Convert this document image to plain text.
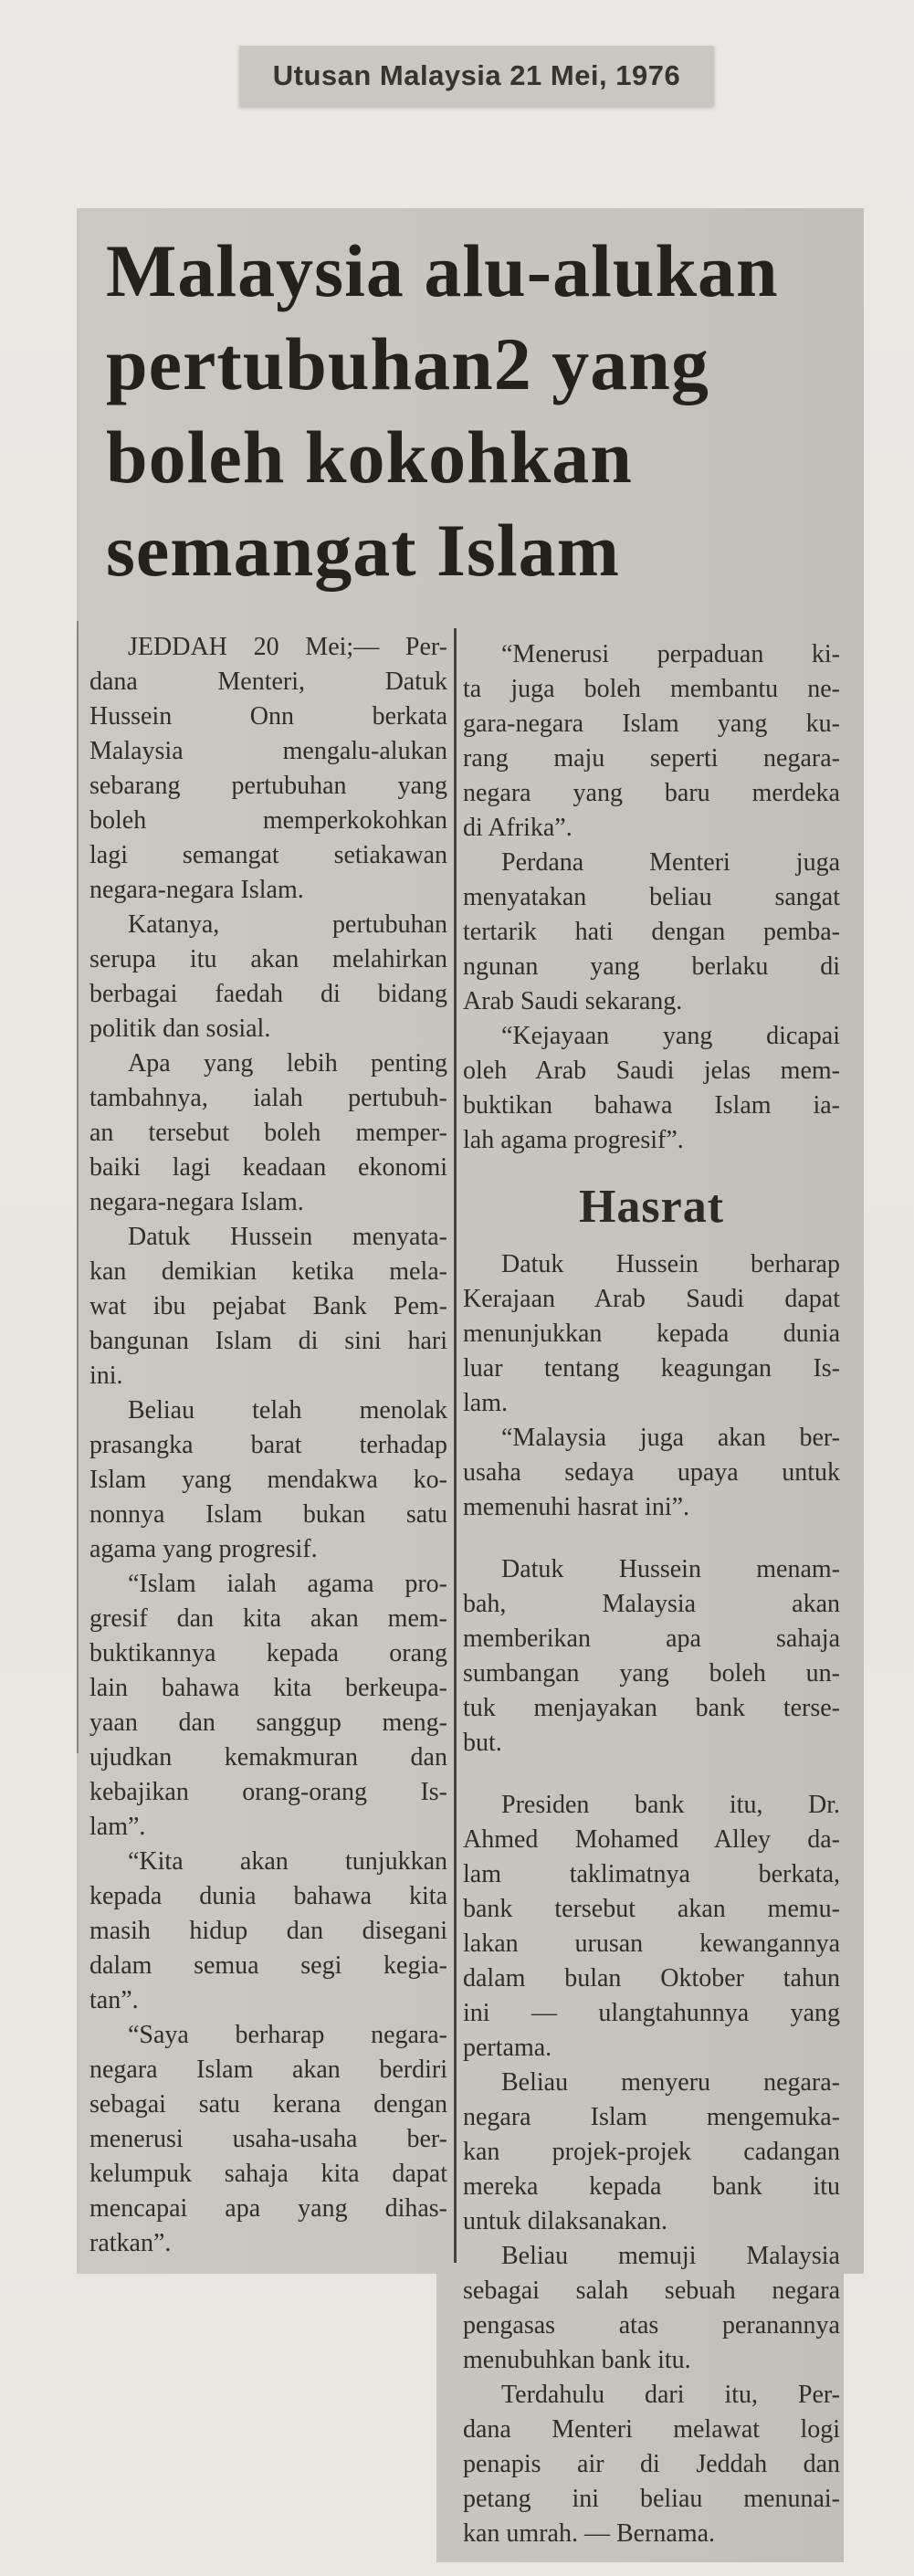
Utusan Malaysia 21 Mei, 1976
Malaysia alu-alukan
pertubuhan2 yang
boleh kokohkan
semangat Islam

JEDDAH 20 Mei;— Per-
dana Menteri, Datuk
Hussein Onn berkata
Malaysia mengalu-alukan
sebarang pertubuhan yang
boleh memperkokohkan
lagi semangat setiakawan
negara-negara Islam.

Katanya, pertubuhan
serupa itu akan melahirkan
berbagai faedah di bidang
politik dan sosial.

Apa yang lebih penting
tambahnya, ialah pertubuh-
an tersebut boleh memper-
baiki lagi keadaan ekonomi
negara-negara Islam.

Datuk Hussein menyata-
kan demikian ketika mela-
wat ibu pejabat Bank Pem-
bangunan Islam di sini hari
ini.

Beliau telah menolak
prasangka barat terhadap
Islam yang mendakwa ko-
nonnya Islam bukan satu
agama yang progresif.

“Islam ialah agama pro-
gresif dan kita akan mem-
buktikannya kepada orang
lain bahawa kita berkeupa-
yaan dan sanggup meng-
ujudkan kemakmuran dan
kebajikan orang-orang Is-
lam”.

“Kita akan tunjukkan
kepada dunia bahawa kita
masih hidup dan disegani
dalam semua segi kegia-
tan”.

“Saya berharap negara-
negara Islam akan berdiri
sebagai satu kerana dengan
menerusi usaha-usaha ber-
kelumpuk sahaja kita dapat
mencapai apa yang dihas-
ratkan”.

“Menerusi perpaduan ki-
ta juga boleh membantu ne-
gara-negara Islam yang ku-
rang maju seperti negara-
negara yang baru merdeka
di Afrika”.

Perdana Menteri juga
menyatakan beliau sangat
tertarik hati dengan pemba-
ngunan yang berlaku di
Arab Saudi sekarang.

“Kejayaan yang dicapai
oleh Arab Saudi jelas mem-
buktikan bahawa Islam ia-
lah agama progresif”.

Hasrat

Datuk Hussein berharap
Kerajaan Arab Saudi dapat
menunjukkan kepada dunia
luar tentang keagungan Is-
lam.

“Malaysia juga akan ber-
usaha sedaya upaya untuk
memenuhi hasrat ini”.

Datuk Hussein menam-
bah, Malaysia akan
memberikan apa sahaja
sumbangan yang boleh un-
tuk menjayakan bank terse-
but.

Presiden bank itu, Dr.
Ahmed Mohamed Alley da-
lam taklimatnya berkata,
bank tersebut akan memu-
lakan urusan kewangannya
dalam bulan Oktober tahun
ini — ulangtahunnya yang
pertama.

Beliau menyeru negara-
negara Islam mengemuka-
kan projek-projek cadangan
mereka kepada bank itu
untuk dilaksanakan.

Beliau memuji Malaysia
sebagai salah sebuah negara
pengasas atas peranannya
menubuhkan bank itu.

Terdahulu dari itu, Per-
dana Menteri melawat logi
penapis air di Jeddah dan
petang ini beliau menunai-
kan umrah. — Bernama.
